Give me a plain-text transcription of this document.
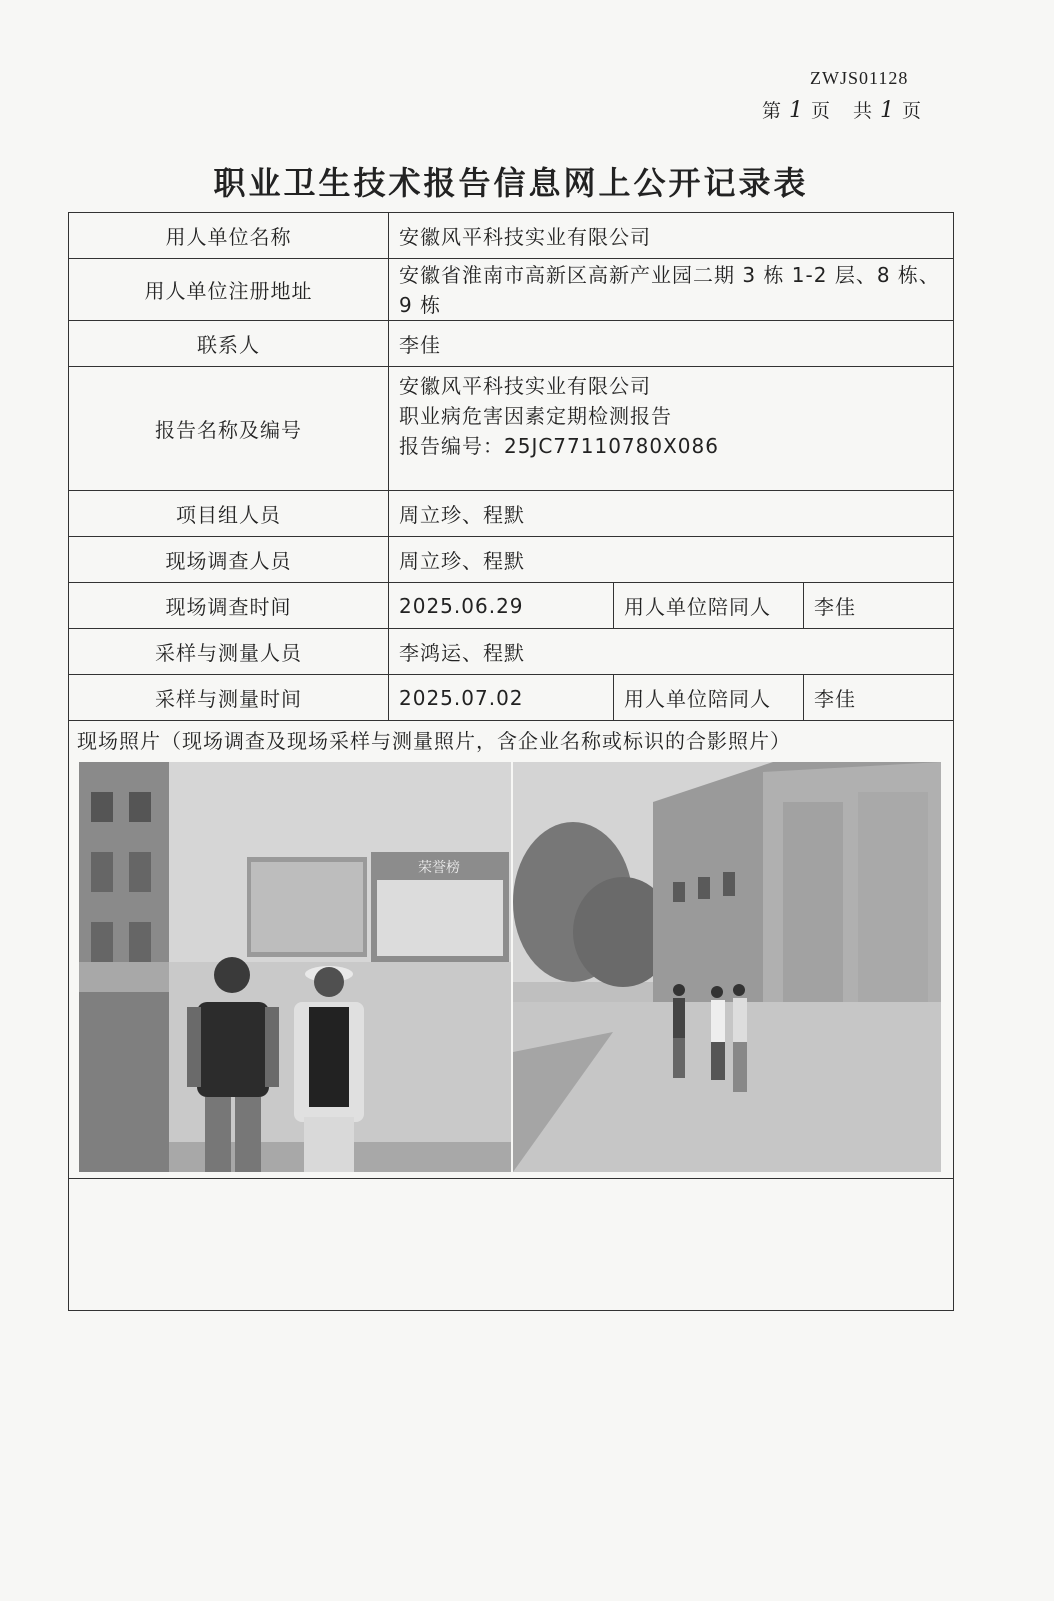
ZWJS01128
第 1 页　共 1 页
职业卫生技术报告信息网上公开记录表
用人单位名称	安徽风平科技实业有限公司		
用人单位注册地址	安徽省淮南市高新区高新产业园二期 3 栋 1-2 层、8 栋、
9 栋		

联系人	李佳		
报告名称及编号	安徽风平科技实业有限公司
职业病危害因素定期检测报告
报告编号：25JC77110780X086		

项目组人员	周立珍、程默		
现场调查人员	周立珍、程默		
现场调查时间	2025.06.29	用人单位陪同人	李佳
采样与测量人员	李鸿运、程默		
采样与测量时间	2025.07.02	用人单位陪同人	李佳

现场照片（现场调查及现场采样与测量照片，含企业名称或标识的合影照片）
荣誉榜			
